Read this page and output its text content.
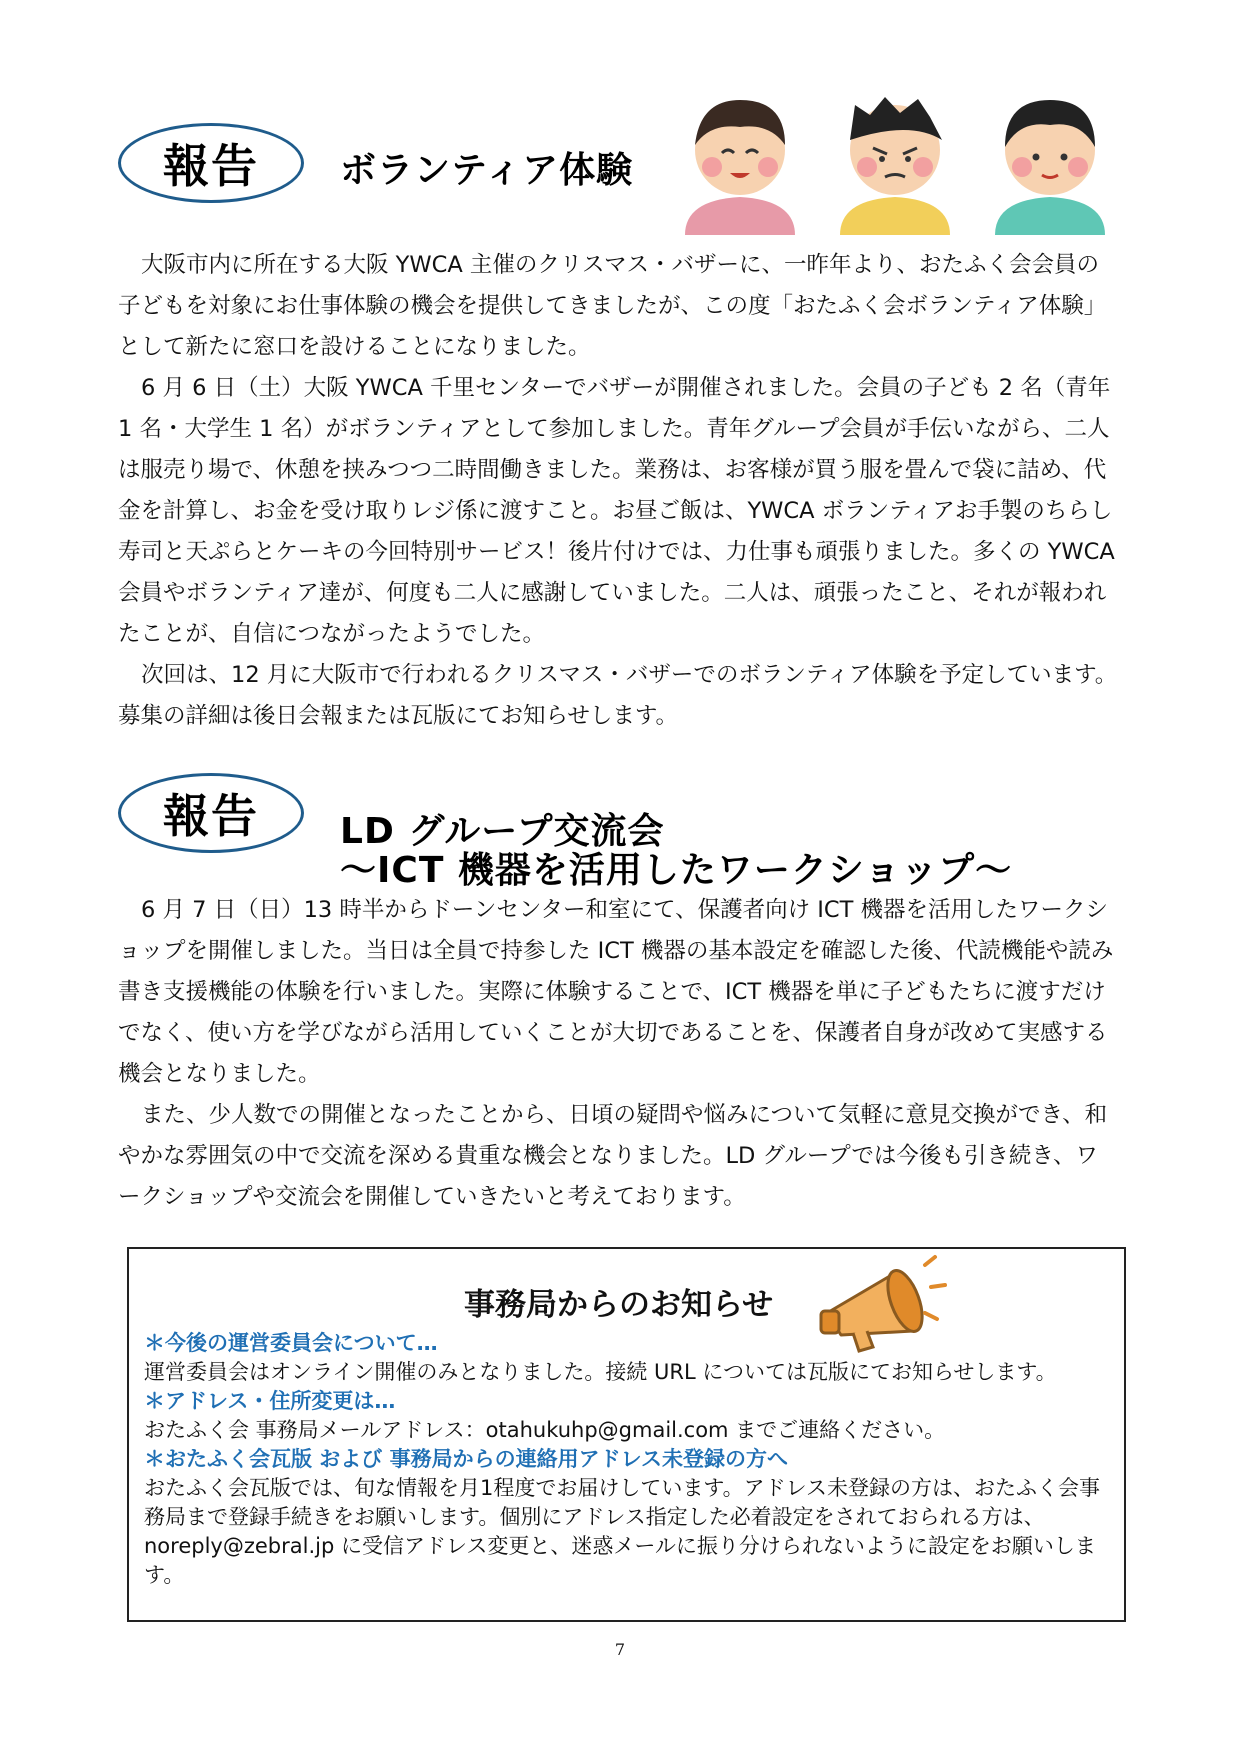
報告 ボランティア体験

大阪市内に所在する大阪 YWCA 主催のクリスマス・バザーに、一昨年より、おたふく会会員の子どもを対象にお仕事体験の機会を提供してきましたが、この度「おたふく会ボランティア体験」として新たに窓口を設けることになりました。

6 月 6 日（土）大阪 YWCA 千里センターでバザーが開催されました。会員の子ども 2 名（青年 1 名・大学生 1 名）がボランティアとして参加しました。青年グループ会員が手伝いながら、二人は服売り場で、休憩を挟みつつ二時間働きました。業務は、お客様が買う服を畳んで袋に詰め、代金を計算し、お金を受け取りレジ係に渡すこと。お昼ご飯は、YWCA ボランティアお手製のちらし寿司と天ぷらとケーキの今回特別サービス！後片付けでは、力仕事も頑張りました。多くの YWCA 会員やボランティア達が、何度も二人に感謝していました。二人は、頑張ったこと、それが報われたことが、自信につながったようでした。

次回は、12 月に大阪市で行われるクリスマス・バザーでのボランティア体験を予定しています。募集の詳細は後日会報または瓦版にてお知らせします。

報告 LD グループ交流会
～ICT 機器を活用したワークショップ～

6 月 7 日（日）13 時半からドーンセンター和室にて、保護者向け ICT 機器を活用したワークショップを開催しました。当日は全員で持参した ICT 機器の基本設定を確認した後、代読機能や読み書き支援機能の体験を行いました。実際に体験することで、ICT 機器を単に子どもたちに渡すだけでなく、使い方を学びながら活用していくことが大切であることを、保護者自身が改めて実感する機会となりました。

また、少人数での開催となったことから、日頃の疑問や悩みについて気軽に意見交換ができ、和やかな雰囲気の中で交流を深める貴重な機会となりました。LD グループでは今後も引き続き、ワークショップや交流会を開催していきたいと考えております。

事務局からのお知らせ
＊今後の運営委員会について…
運営委員会はオンライン開催のみとなりました。接続 URL については瓦版にてお知らせします。
＊アドレス・住所変更は…
おたふく会 事務局メールアドレス：otahukuhp@gmail.com までご連絡ください。
＊おたふく会瓦版 および 事務局からの連絡用アドレス未登録の方へ
おたふく会瓦版では、旬な情報を月1程度でお届けしています。アドレス未登録の方は、おたふく会事務局まで登録手続きをお願いします。個別にアドレス指定した必着設定をされておられる方は、noreply@zebral.jp に受信アドレス変更と、迷惑メールに振り分けられないように設定をお願いします。
7
